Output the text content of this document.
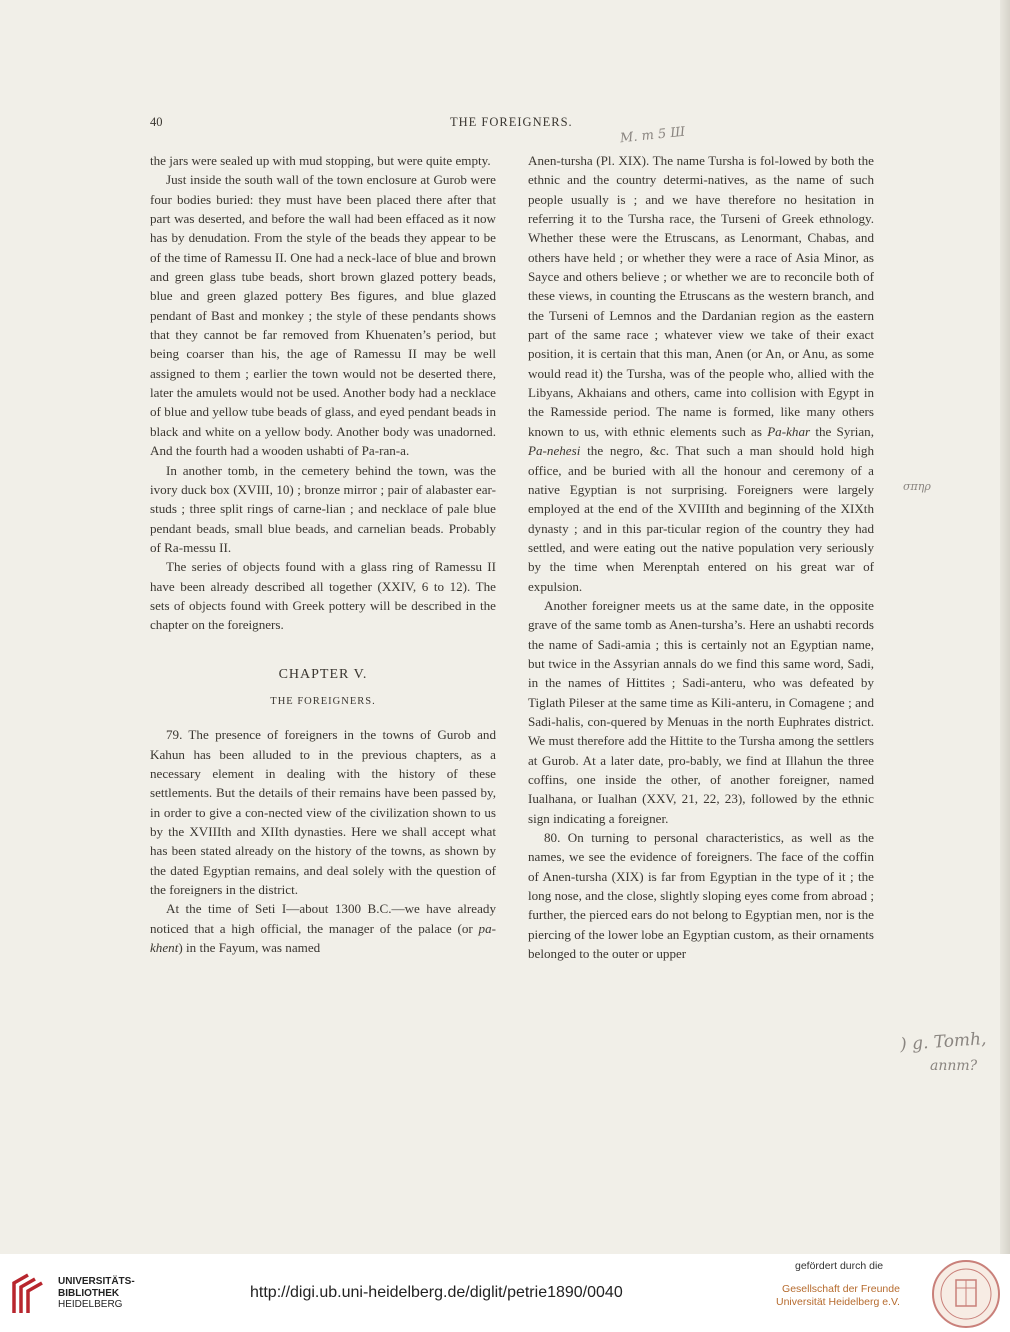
40	THE FOREIGNERS.
M. m 5 Ш

the jars were sealed up with mud stopping, but were quite empty.

Just inside the south wall of the town enclosure at Gurob were four bodies buried: they must have been placed there after that part was deserted, and before the wall had been effaced as it now has by denudation. From the style of the beads they appear to be of the time of Ramessu II. One had a neck-lace of blue and brown and green glass tube beads, short brown glazed pottery beads, blue and green glazed pottery Bes figures, and blue glazed pendant of Bast and monkey ; the style of these pendants shows that they cannot be far removed from Khuenaten’s period, but being coarser than his, the age of Ramessu II may be well assigned to them ; earlier the town would not be deserted there, later the amulets would not be used. Another body had a necklace of blue and yellow tube beads of glass, and eyed pendant beads in black and white on a yellow body. Another body was unadorned. And the fourth had a wooden ushabti of Pa-ran-a.

In another tomb, in the cemetery behind the town, was the ivory duck box (XVIII, 10) ; bronze mirror ; pair of alabaster ear-studs ; three split rings of carne-lian ; and necklace of pale blue pendant beads, small blue beads, and carnelian beads. Probably of Ra-messu II.

The series of objects found with a glass ring of Ramessu II have been already described all together (XXIV, 6 to 12). The sets of objects found with Greek pottery will be described in the chapter on the foreigners.

CHAPTER V.
THE FOREIGNERS.

79. The presence of foreigners in the towns of Gurob and Kahun has been alluded to in the previous chapters, as a necessary element in dealing with the history of these settlements. But the details of their remains have been passed by, in order to give a con-nected view of the civilization shown to us by the XVIIIth and XIIth dynasties. Here we shall accept what has been stated already on the history of the towns, as shown by the dated Egyptian remains, and deal solely with the question of the foreigners in the district.

At the time of Seti I—about 1300 B.C.—we have already noticed that a high official, the manager of the palace (or pa-khent) in the Fayum, was named

Anen-tursha (Pl. XIX). The name Tursha is fol-lowed by both the ethnic and the country determi-natives, as the name of such people usually is ; and we have therefore no hesitation in referring it to the Tursha race, the Turseni of Greek ethnology. Whether these were the Etruscans, as Lenormant, Chabas, and others have held ; or whether they were a race of Asia Minor, as Sayce and others believe ; or whether we are to reconcile both of these views, in counting the Etruscans as the western branch, and the Turseni of Lemnos and the Dardanian region as the eastern part of the same race ; whatever view we take of their exact position, it is certain that this man, Anen (or An, or Anu, as some would read it) the Tursha, was of the people who, allied with the Libyans, Akhaians and others, came into collision with Egypt in the Ramesside period. The name is formed, like many others known to us, with ethnic elements such as Pa-khar the Syrian, Pa-nehesi the negro, &c. That such a man should hold high office, and be buried with all the honour and ceremony of a native Egyptian is not surprising. Foreigners were largely employed at the end of the XVIIIth and beginning of the XIXth dynasty ; and in this par-ticular region of the country they had settled, and were eating out the native population very seriously by the time when Merenptah entered on his great war of expulsion.

Another foreigner meets us at the same date, in the opposite grave of the same tomb as Anen-tursha’s. Here an ushabti records the name of Sadi-amia ; this is certainly not an Egyptian name, but twice in the Assyrian annals do we find this same word, Sadi, in the names of Hittites ; Sadi-anteru, who was defeated by Tiglath Pileser at the same time as Kili-anteru, in Comagene ; and Sadi-halis, con-quered by Menuas in the north Euphrates district. We must therefore add the Hittite to the Tursha among the settlers at Gurob. At a later date, pro-bably, we find at Illahun the three coffins, one inside the other, of another foreigner, named Iualhana, or Iualhan (XXV, 21, 22, 23), followed by the ethnic sign indicating a foreigner.

80. On turning to personal characteristics, as well as the names, we see the evidence of foreigners. The face of the coffin of Anen-tursha (XIX) is far from Egyptian in the type of it ; the long nose, and the close, slightly sloping eyes come from abroad ; further, the pierced ears do not belong to Egyptian men, nor is the piercing of the lower lobe an Egyptian custom, as their ornaments belonged to the outer or upper

σπηρ
) g. Tomh,
annm?
UNIVERSITÄTS-
BIBLIOTHEK
HEIDELBERG
http://digi.ub.uni-heidelberg.de/diglit/petrie1890/0040
gefördert durch die
Gesellschaft der Freunde
Universität Heidelberg e.V.
